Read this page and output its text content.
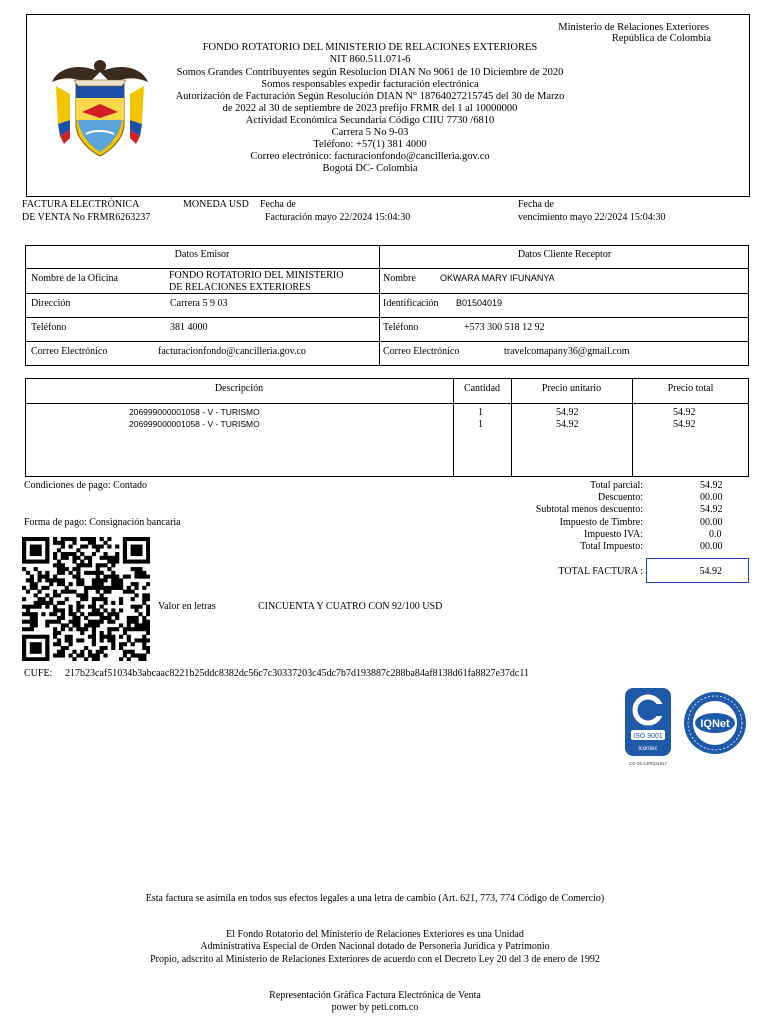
Ministerio de Relaciones Exteriores
República de Colombia
FONDO ROTATORIO DEL MINISTERIO DE RELACIONES EXTERIORES
NIT 860.511.071-6
Somos Grandes Contribuyentes según Resolucion DIAN No 9061 de 10 Diciembre de 2020
Somos responsables expedir facturación electrónica
Autorización de Facturación Según Resolución DIAN N° 18764027215745 del 30 de Marzo
de 2022 al 30 de septiembre de 2023 prefijo FRMR del 1 al 10000000
Actividad Económica Secundaria Código CIIU 7730 /6810
Carrera 5 No 9-03
Teléfono: +57(1) 381 4000
Correo electrónico: facturacionfondo@cancilleria.gov.co
Bogotá DC- Colombia
FACTURA ELECTRÓNICA
DE VENTA No FRMR6263237
MONEDA USD Fecha de
Facturación mayo 22/2024 15:04:30
Fecha de
vencimiento mayo 22/2024 15:04:30
Datos Emisor	Datos Cliente Receptor
Nombre de la Oficina	FONDO ROTATORIO DEL MINISTERIO
DE RELACIONES EXTERIORES
Dirección	Carrera 5 9 03
Teléfono	381 4000
Correo Electrónico	facturacionfondo@cancilleria.gov.co
Nombre	OKWARA MARY IFUNANYA
Identificación B01504019
Teléfono	+573 300 518 12 92
Correo Electrónico	travelcomapany36@gmail.com
Descripción	Cantidad	Precio unitario	Precio total
206999000001058 - V - TURISMO	1	54.92	54.92
206999000001058 - V - TURISMO	1	54.92	54.92
Condiciones de pago: Contado
Forma de pago: Consignación bancaria
Total parcial:	54.92
Descuento:	00.00
Subtotal menos descuento:	54.92
Impuesto de Timbre:	00.00
Impuesto IVA:	0.0
Total Impuesto:	00.00
TOTAL FACTURA :	54.92
Valor en letras	CINCUENTA Y CUATRO CON 92/100 USD
CUFE: 217b23caf51034b3abcaac8221b25ddc8382dc56c7c30337203c45dc7b7d193887c288ba84af8138d61fa8827e37dc11
ISO 9001
icontec
CO-SC-CER221917
IQNet
Esta factura se asimila en todos sus efectos legales a una letra de cambio (Art. 621, 773, 774 Código de Comercio)
El Fondo Rotatorio del Ministerio de Relaciones Exteriores es una Unidad
Administrativa Especial de Orden Nacional dotado de Personeria Jurídica y Patrimonio
Propio, adscrito al Ministerio de Relaciones Exteriores de acuerdo con el Decreto Ley 20 del 3 de enero de 1992
Representación Gráfica Factura Electrónica de Venta
power by peti.com.co
